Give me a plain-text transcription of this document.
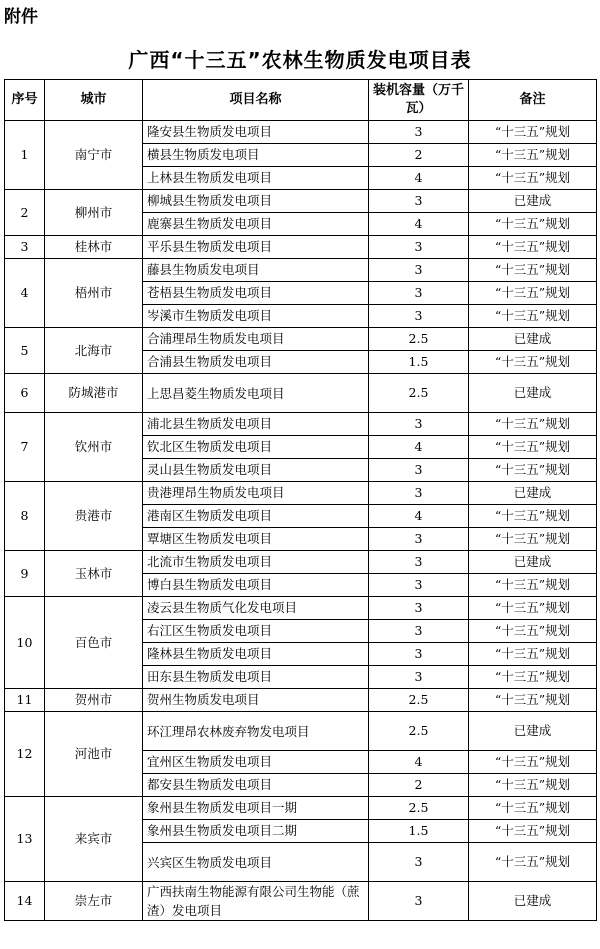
附件
广西“十三五”农林生物质发电项目表
序号	城市	项目名称	装机容量（万千瓦）	备注
1	南宁市	隆安县生物质发电项目	3	“十三五”规划
		横县生物质发电项目	2	“十三五”规划
		上林县生物质发电项目	4	“十三五”规划
2	柳州市	柳城县生物质发电项目	3	已建成
		鹿寨县生物质发电项目	4	“十三五”规划
3	桂林市	平乐县生物质发电项目	3	“十三五”规划
4	梧州市	藤县生物质发电项目	3	“十三五”规划
		苍梧县生物质发电项目	3	“十三五”规划
		岑溪市生物质发电项目	3	“十三五”规划
5	北海市	合浦理昂生物质发电项目	2.5	已建成
		合浦县生物质发电项目	1.5	“十三五”规划
6	防城港市	上思昌菱生物质发电项目	2.5	已建成
7	钦州市	浦北县生物质发电项目	3	“十三五”规划
		钦北区生物质发电项目	4	“十三五”规划
		灵山县生物质发电项目	3	“十三五”规划
8	贵港市	贵港理昂生物质发电项目	3	已建成
		港南区生物质发电项目	4	“十三五”规划
		覃塘区生物质发电项目	3	“十三五”规划
9	玉林市	北流市生物质发电项目	3	已建成
		博白县生物质发电项目	3	“十三五”规划
10	百色市	凌云县生物质气化发电项目	3	“十三五”规划
		右江区生物质发电项目	3	“十三五”规划
		隆林县生物质发电项目	3	“十三五”规划
		田东县生物质发电项目	3	“十三五”规划
11	贺州市	贺州生物质发电项目	2.5	“十三五”规划
12	河池市	环江理昂农林废弃物发电项目	2.5	已建成
		宜州区生物质发电项目	4	“十三五”规划
		都安县生物质发电项目	2	“十三五”规划
13	来宾市	象州县生物质发电项目一期	2.5	“十三五”规划
		象州县生物质发电项目二期	1.5	“十三五”规划
		兴宾区生物质发电项目	3	“十三五”规划
14	崇左市	广西扶南生物能源有限公司生物能（蔗渣）发电项目	3	已建成
